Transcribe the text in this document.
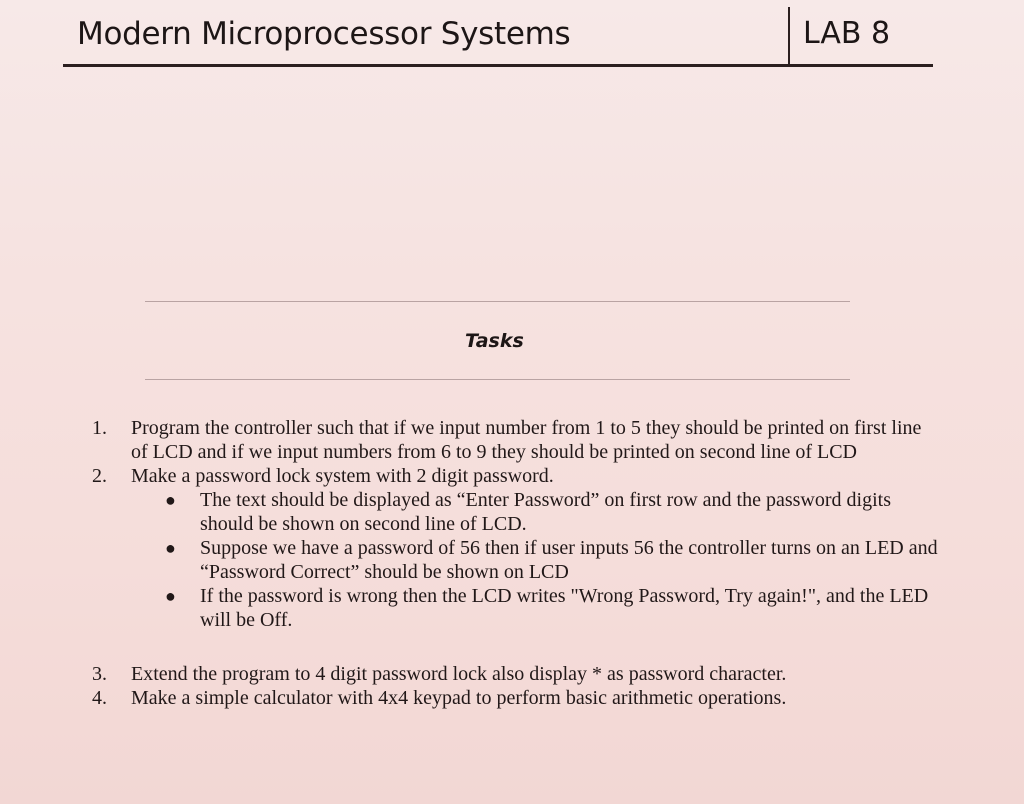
Modern Microprocessor Systems	LAB 8
Tasks
1.	Program the controller such that if we input number from 1 to 5 they should be printed on first line of LCD and if we input numbers from 6 to 9 they should be printed on second line of LCD
2.	Make a password lock system with 2 digit password.
● The text should be displayed as “Enter Password” on first row and the password digits should be shown on second line of LCD.
● Suppose we have a password of 56 then if user inputs 56 the controller turns on an LED and “Password Correct” should be shown on LCD
● If the password is wrong then the LCD writes "Wrong Password, Try again!", and the LED will be Off.
3.	Extend the program to 4 digit password lock also display * as password character.
4.	Make a simple calculator with 4x4 keypad to perform basic arithmetic operations.
